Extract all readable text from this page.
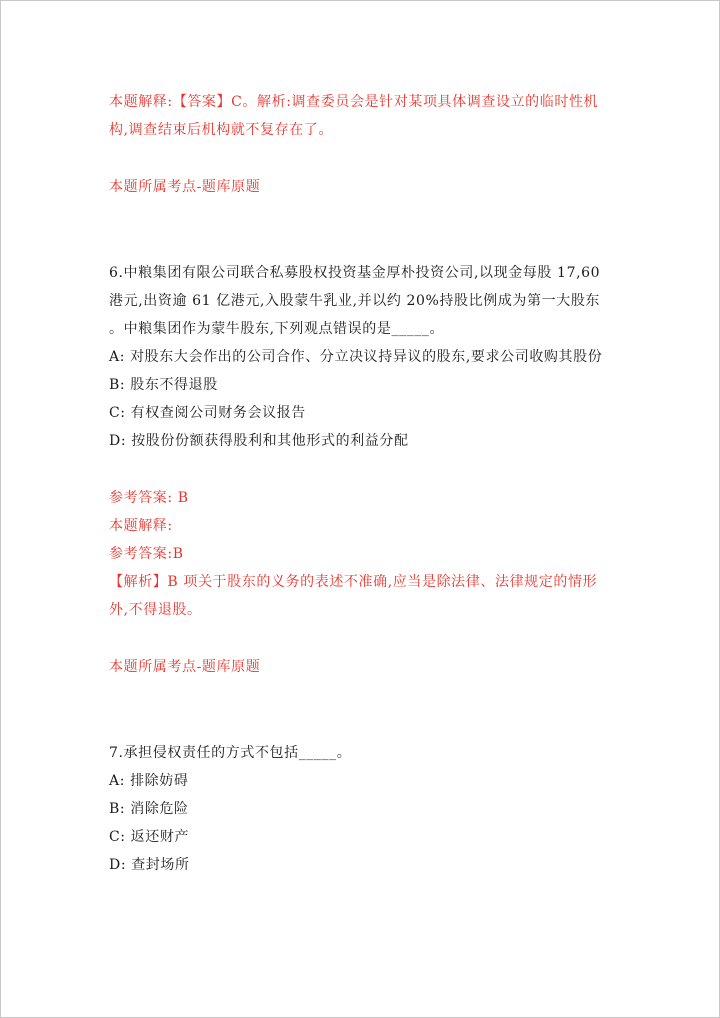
本题解释:【答案】C。解析:调查委员会是针对某项具体调查设立的临时性机
构,调查结束后机构就不复存在了。
本题所属考点-题库原题
6.中粮集团有限公司联合私募股权投资基金厚朴投资公司,以现金每股 17,60
港元,出资逾 61 亿港元,入股蒙牛乳业,并以约 20%持股比例成为第一大股东
。中粮集团作为蒙牛股东,下列观点错误的是_____。
A: 对股东大会作出的公司合作、分立决议持异议的股东,要求公司收购其股份
B: 股东不得退股
C: 有权查阅公司财务会议报告
D: 按股份份额获得股利和其他形式的利益分配
参考答案: B
本题解释:
参考答案:B
【解析】B 项关于股东的义务的表述不准确,应当是除法律、法律规定的情形
外,不得退股。
本题所属考点-题库原题
7.承担侵权责任的方式不包括_____。
A: 排除妨碍
B: 消除危险
C: 返还财产
D: 查封场所
